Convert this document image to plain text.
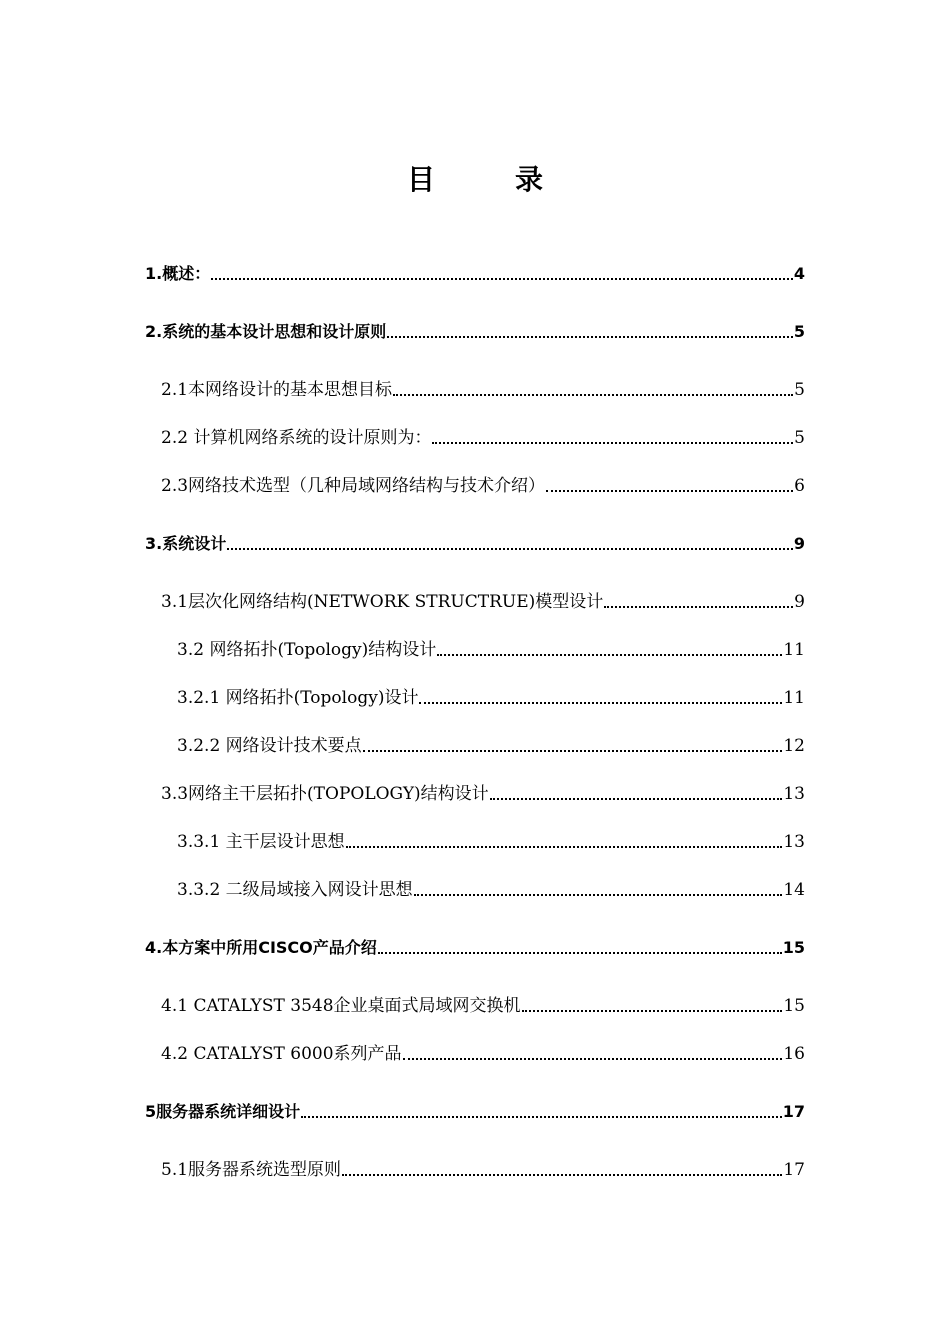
目	录
1.概述：	4
2.系统的基本设计思想和设计原则	5
2.1本网络设计的基本思想目标	5
2.2 计算机网络系统的设计原则为：	5
2.3网络技术选型（几种局域网络结构与技术介绍）	6
3.系统设计	9
3.1层次化网络结构(NETWORK STRUCTRUE)模型设计	9
3.2 网络拓扑(Topology)结构设计	11
3.2.1 网络拓扑(Topology)设计	11
3.2.2 网络设计技术要点	12
3.3网络主干层拓扑(TOPOLOGY)结构设计	13
3.3.1 主干层设计思想	13
3.3.2 二级局域接入网设计思想	14
4.本方案中所用CISCO产品介绍	15
4.1 CATALYST 3548企业桌面式局域网交换机	15
4.2 CATALYST 6000系列产品	16
5服务器系统详细设计	17
5.1服务器系统选型原则	17
